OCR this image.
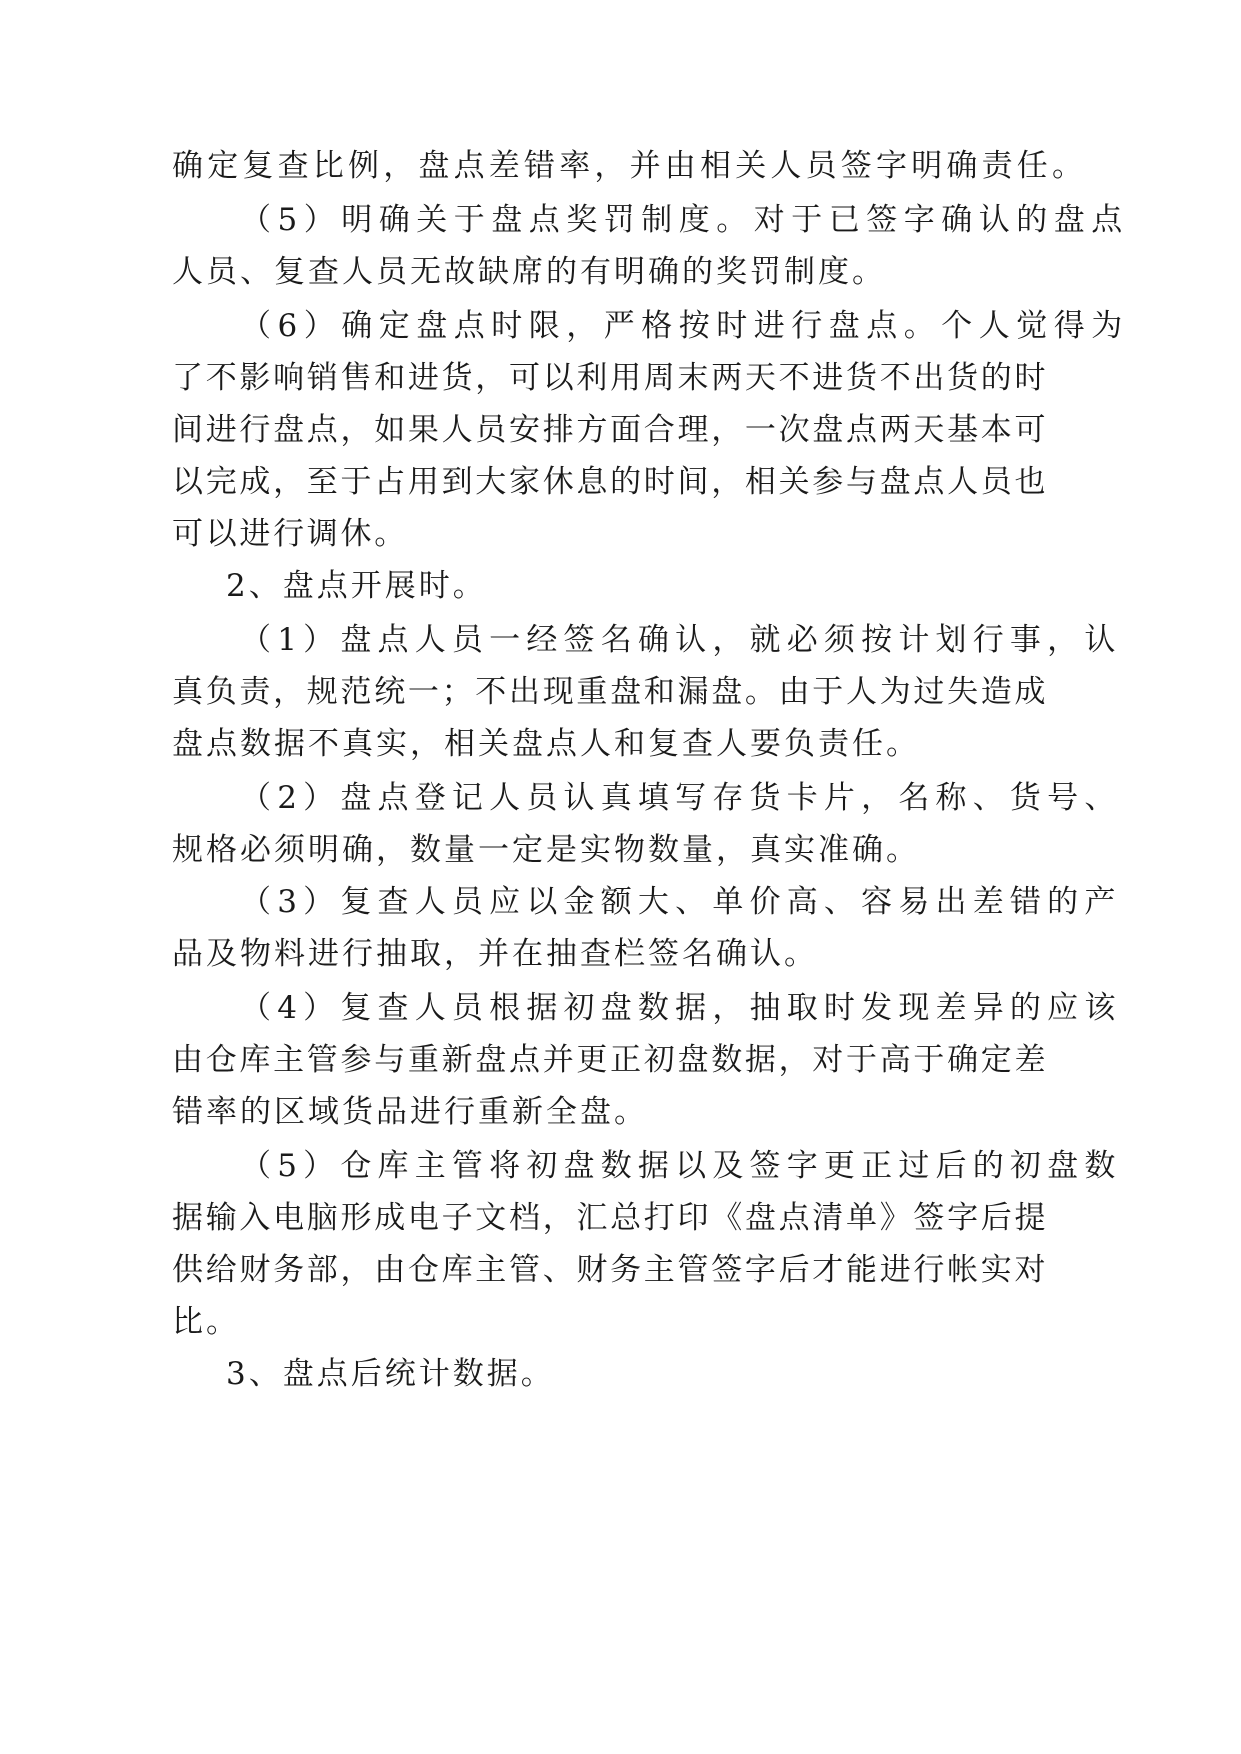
确定复查比例，盘点差错率，并由相关人员签字明确责任。
（5）明确关于盘点奖罚制度。对于已签字确认的盘点
人员、复查人员无故缺席的有明确的奖罚制度。
（6）确定盘点时限，严格按时进行盘点。个人觉得为
了不影响销售和进货，可以利用周末两天不进货不出货的时
间进行盘点，如果人员安排方面合理，一次盘点两天基本可
以完成，至于占用到大家休息的时间，相关参与盘点人员也
可以进行调休。
2、盘点开展时。
（1）盘点人员一经签名确认，就必须按计划行事，认
真负责，规范统一；不出现重盘和漏盘。由于人为过失造成
盘点数据不真实，相关盘点人和复查人要负责任。
（2）盘点登记人员认真填写存货卡片，名称、货号、
规格必须明确，数量一定是实物数量，真实准确。
（3）复查人员应以金额大、单价高、容易出差错的产
品及物料进行抽取，并在抽查栏签名确认。
（4）复查人员根据初盘数据，抽取时发现差异的应该
由仓库主管参与重新盘点并更正初盘数据，对于高于确定差
错率的区域货品进行重新全盘。
（5）仓库主管将初盘数据以及签字更正过后的初盘数
据输入电脑形成电子文档，汇总打印《盘点清单》签字后提
供给财务部，由仓库主管、财务主管签字后才能进行帐实对
比。
3、盘点后统计数据。
